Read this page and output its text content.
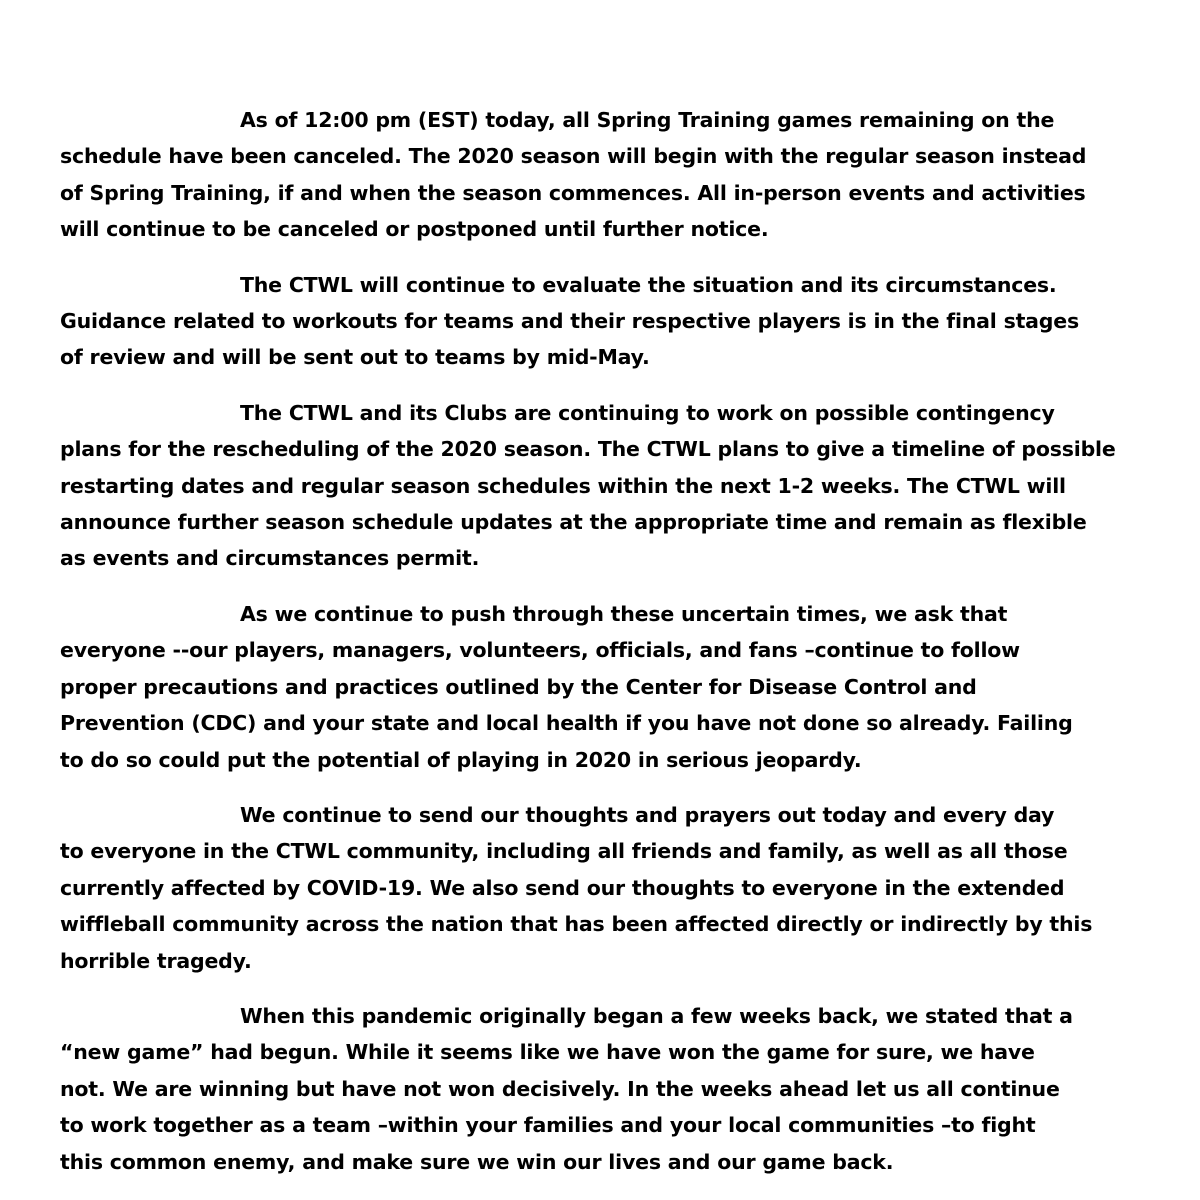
As of 12:00 pm (EST) today, all Spring Training games remaining on the
schedule have been canceled. The 2020 season will begin with the regular season instead
of Spring Training, if and when the season commences. All in-person events and activities
will continue to be canceled or postponed until further notice.

The CTWL will continue to evaluate the situation and its circumstances.
Guidance related to workouts for teams and their respective players is in the final stages
of review and will be sent out to teams by mid-May.

The CTWL and its Clubs are continuing to work on possible contingency
plans for the rescheduling of the 2020 season. The CTWL plans to give a timeline of possible
restarting dates and regular season schedules within the next 1-2 weeks. The CTWL will
announce further season schedule updates at the appropriate time and remain as flexible
as events and circumstances permit.

As we continue to push through these uncertain times, we ask that
everyone --our players, managers, volunteers, officials, and fans –continue to follow
proper precautions and practices outlined by the Center for Disease Control and
Prevention (CDC) and your state and local health if you have not done so already. Failing
to do so could put the potential of playing in 2020 in serious jeopardy.

We continue to send our thoughts and prayers out today and every day
to everyone in the CTWL community, including all friends and family, as well as all those
currently affected by COVID-19. We also send our thoughts to everyone in the extended
wiffleball community across the nation that has been affected directly or indirectly by this
horrible tragedy.

When this pandemic originally began a few weeks back, we stated that a
“new game” had begun. While it seems like we have won the game for sure, we have
not. We are winning but have not won decisively. In the weeks ahead let us all continue
to work together as a team –within your families and your local communities –to fight
this common enemy, and make sure we win our lives and our game back.
